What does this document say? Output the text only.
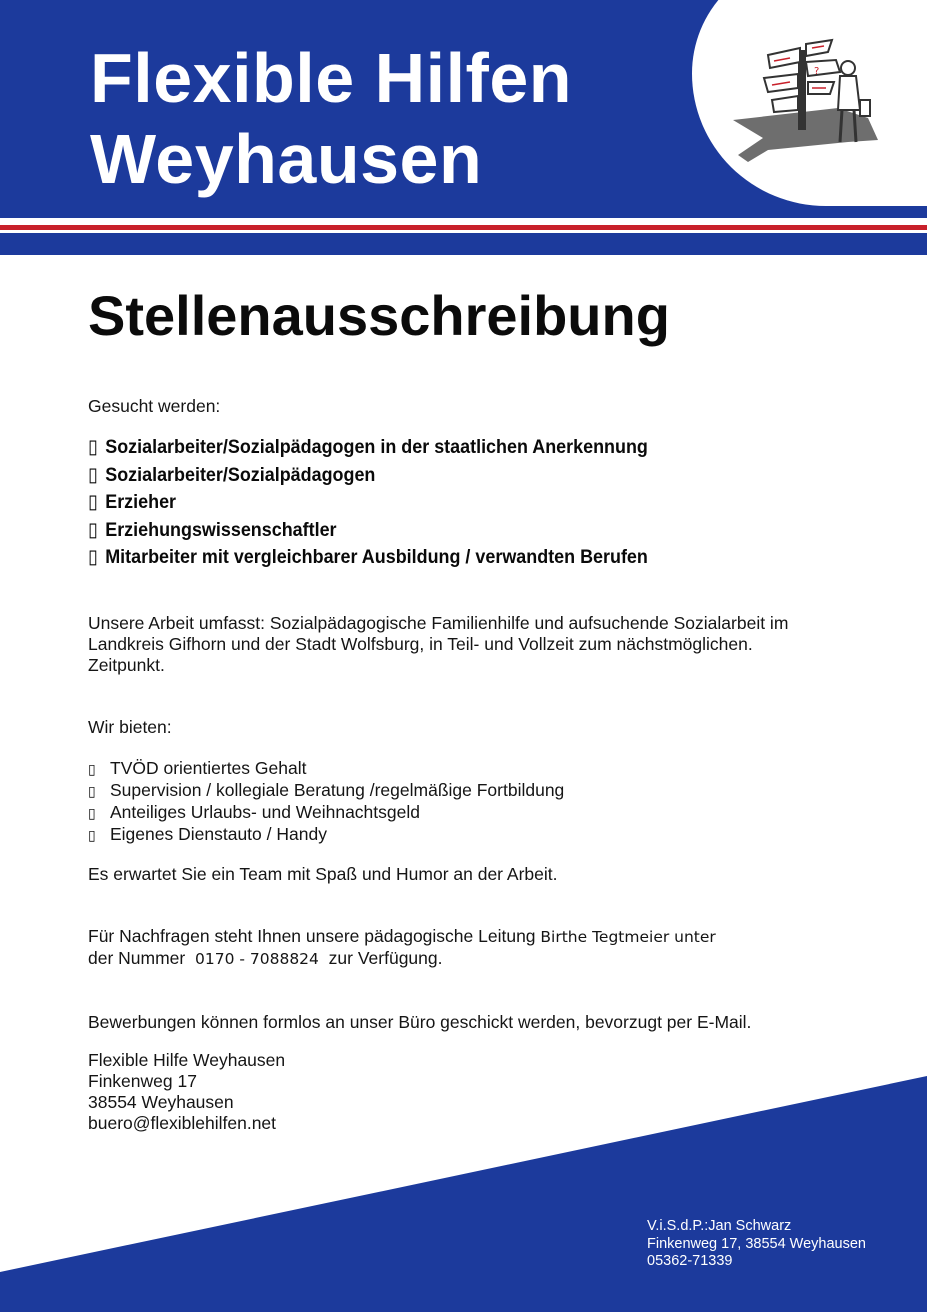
Flexible Hilfen
Weyhausen
?
Stellenausschreibung

Gesucht werden:

▯ Sozialarbeiter/Sozialpädagogen in der staatlichen Anerkennung
▯ Sozialarbeiter/Sozialpädagogen
▯ Erzieher
▯ Erziehungswissenschaftler
▯ Mitarbeiter mit vergleichbarer Ausbildung / verwandten Berufen
Unsere Arbeit umfasst: Sozialpädagogische Familienhilfe und aufsuchende Sozialarbeit im
Landkreis Gifhorn und der Stadt Wolfsburg, in Teil- und Vollzeit zum nächstmöglichen.
Zeitpunkt.

Wir bieten:

▯ TVÖD orientiertes Gehalt
▯ Supervision / kollegiale Beratung /regelmäßige Fortbildung
▯ Anteiliges Urlaubs- und Weihnachtsgeld
▯ Eigenes Dienstauto / Handy

Es erwartet Sie ein Team mit Spaß und Humor an der Arbeit.

Für Nachfragen steht Ihnen unsere pädagogische Leitung Birthe Tegtmeier unter
der Nummer 0170 - 7088824 zur Verfügung.

Bewerbungen können formlos an unser Büro geschickt werden, bevorzugt per E-Mail.

Flexible Hilfe Weyhausen
Finkenweg 17
38554 Weyhausen
buero@flexiblehilfen.net
V.i.S.d.P.:Jan Schwarz
Finkenweg 17, 38554 Weyhausen
05362-71339
